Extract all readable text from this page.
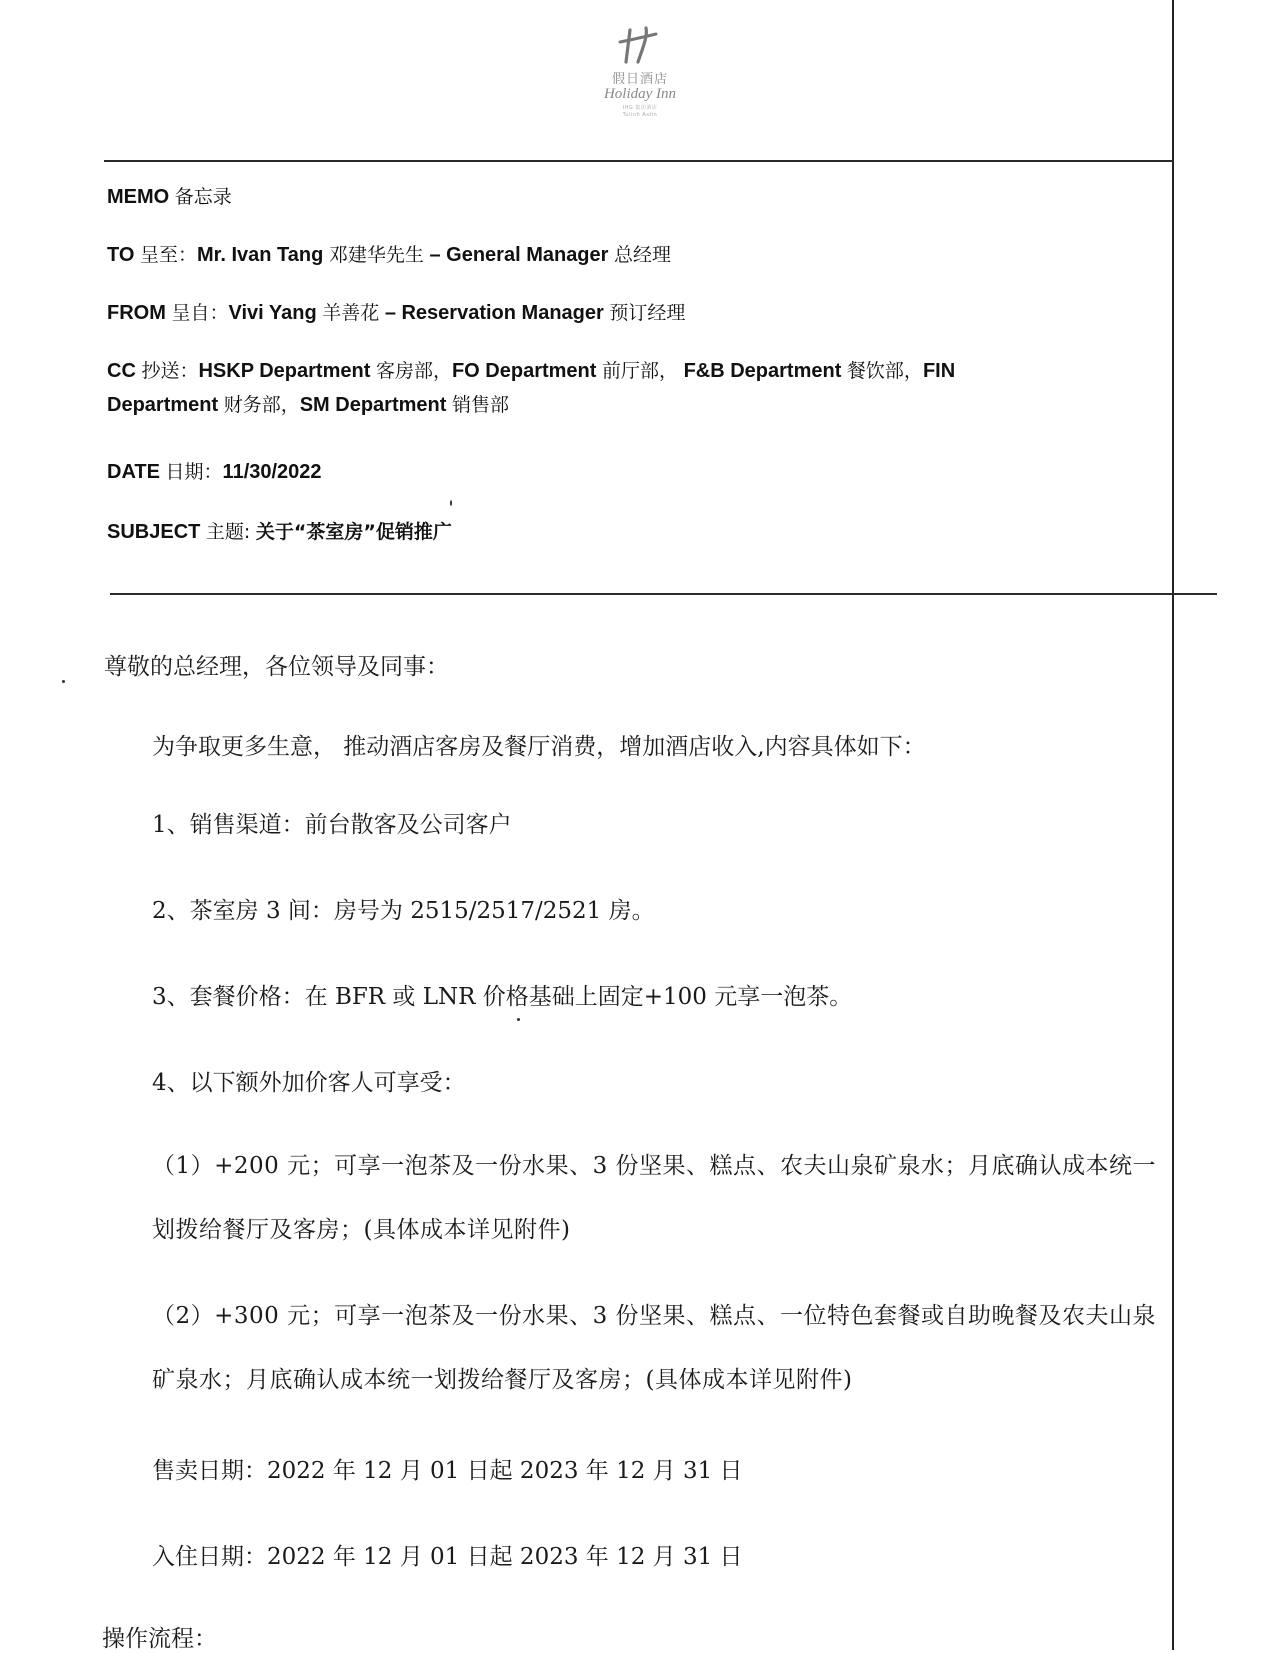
假日酒店
Holiday Inn
IHG 集团酒店
Tulinh Astin
MEMO 备忘录
TO 呈至：Mr. Ivan Tang 邓建华先生 – General Manager 总经理
FROM 呈自：Vivi Yang 羊善花 – Reservation Manager 预订经理
CC 抄送：HSKP Department 客房部，FO Department 前厅部， F&B Department 餐饮部，FIN
Department 财务部，SM Department 销售部
DATE 日期：11/30/2022
SUBJECT 主题: 关于“茶室房”促销推广
尊敬的总经理，各位领导及同事：
为争取更多生意， 推动酒店客房及餐厅消费，增加酒店收入,内容具体如下：
1、销售渠道：前台散客及公司客户
2、茶室房 3 间：房号为 2515/2517/2521 房。
3、套餐价格：在 BFR 或 LNR 价格基础上固定+100 元享一泡茶。
4、以下额外加价客人可享受：
（1）+200 元；可享一泡茶及一份水果、3 份坚果、糕点、农夫山泉矿泉水；月底确认成本统一划拨给餐厅及客房；(具体成本详见附件)
（2）+300 元；可享一泡茶及一份水果、3 份坚果、糕点、一位特色套餐或自助晚餐及农夫山泉矿泉水；月底确认成本统一划拨给餐厅及客房；(具体成本详见附件)
售卖日期：2022 年 12 月 01 日起 2023 年 12 月 31 日
入住日期：2022 年 12 月 01 日起 2023 年 12 月 31 日
操作流程：
